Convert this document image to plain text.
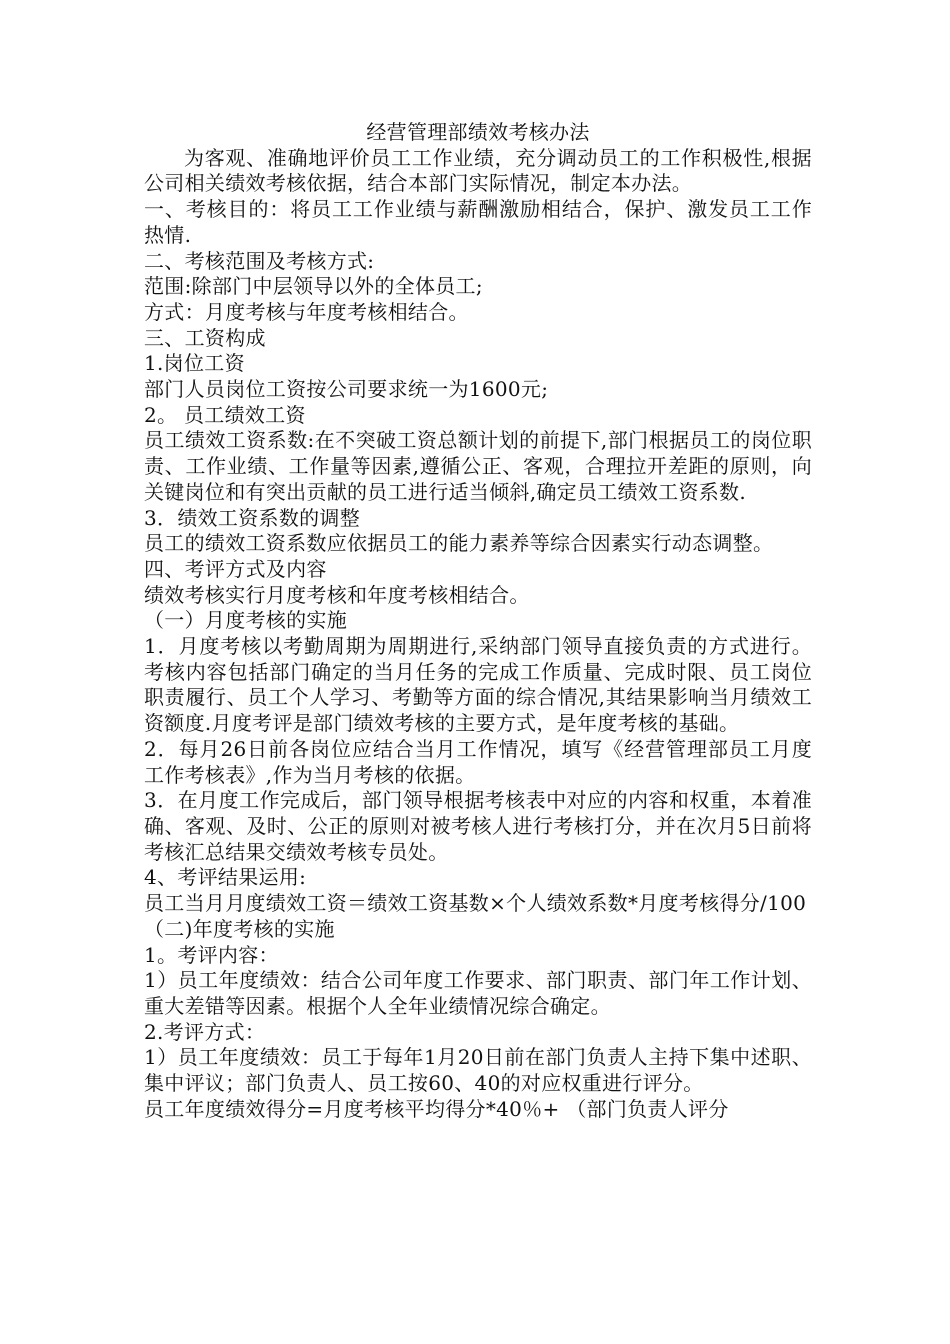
经营管理部绩效考核办法

为客观、准确地评价员工工作业绩，充分调动员工的工作积极性,根据公司相关绩效考核依据，结合本部门实际情况，制定本办法。

一、考核目的：将员工工作业绩与薪酬激励相结合，保护、激发员工工作热情.

二、考核范围及考核方式:

范围:除部门中层领导以外的全体员工;

方式：月度考核与年度考核相结合。

三、工资构成

1.岗位工资

部门人员岗位工资按公司要求统一为1600元;

2。 员工绩效工资

员工绩效工资系数:在不突破工资总额计划的前提下,部门根据员工的岗位职责、工作业绩、工作量等因素,遵循公正、客观，合理拉开差距的原则，向关键岗位和有突出贡献的员工进行适当倾斜,确定员工绩效工资系数.

3．绩效工资系数的调整

员工的绩效工资系数应依据员工的能力素养等综合因素实行动态调整。

四、考评方式及内容

绩效考核实行月度考核和年度考核相结合。

（一）月度考核的实施

1．月度考核以考勤周期为周期进行,采纳部门领导直接负责的方式进行。考核内容包括部门确定的当月任务的完成工作质量、完成时限、员工岗位职责履行、员工个人学习、考勤等方面的综合情况,其结果影响当月绩效工资额度.月度考评是部门绩效考核的主要方式，是年度考核的基础。

2．每月26日前各岗位应结合当月工作情况，填写《经营管理部员工月度工作考核表》,作为当月考核的依据。

3．在月度工作完成后，部门领导根据考核表中对应的内容和权重，本着准确、客观、及时、公正的原则对被考核人进行考核打分，并在次月5日前将考核汇总结果交绩效考核专员处。

4、考评结果运用:

员工当月月度绩效工资＝绩效工资基数×个人绩效系数*月度考核得分/100

（二)年度考核的实施

1。考评内容：

1）员工年度绩效：结合公司年度工作要求、部门职责、部门年工作计划、重大差错等因素。根据个人全年业绩情况综合确定。

2.考评方式：

1）员工年度绩效：员工于每年1月20日前在部门负责人主持下集中述职、集中评议；部门负责人、员工按60、40的对应权重进行评分。

员工年度绩效得分=月度考核平均得分*40％+ （部门负责人评分
